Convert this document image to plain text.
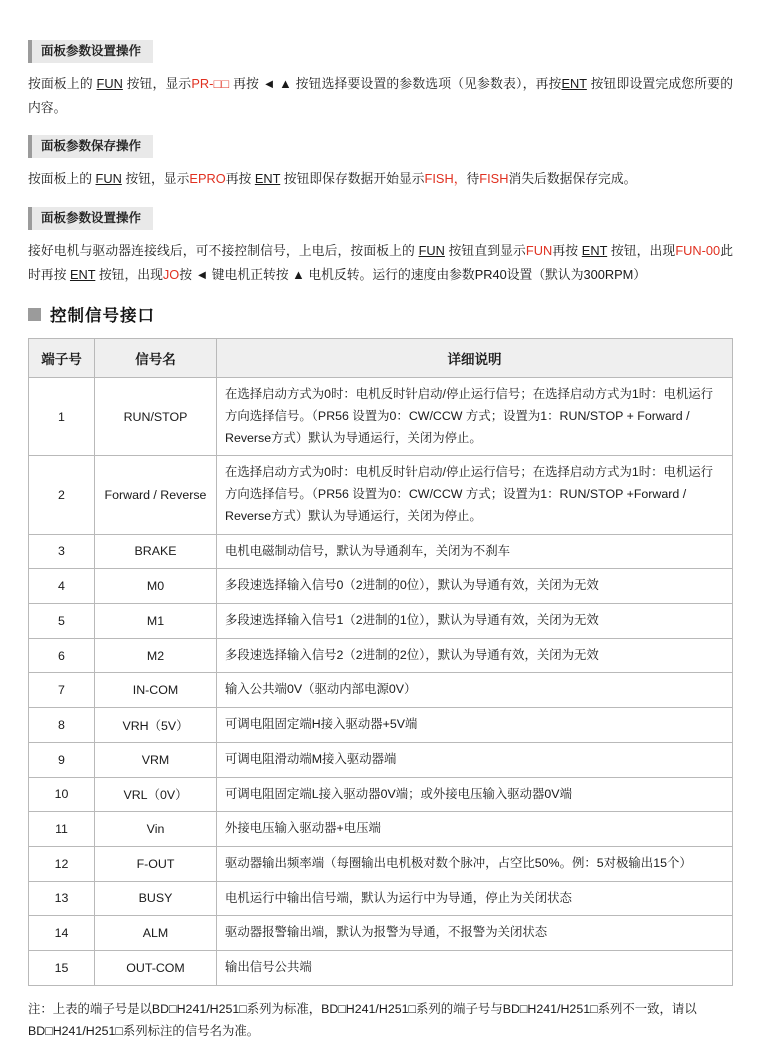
面板参数设置操作

按面板上的 FUN 按钮，显示PR-□□ 再按 ◄ ▲ 按钮选择要设置的参数选项（见参数表），再按ENT 按钮即设置完成您所要的内容。

面板参数保存操作

按面板上的 FUN 按钮，显示EPRO再按 ENT 按钮即保存数据开始显示FISH，待FISH消失后数据保存完成。

面板参数设置操作

接好电机与驱动器连接线后，可不接控制信号，上电后，按面板上的 FUN 按钮直到显示FUN再按 ENT 按钮，出现FUN-00此时再按 ENT 按钮，出现JO按 ◄ 键电机正转按 ▲ 电机反转。运行的速度由参数PR40设置（默认为300RPM）

控制信号接口
端子号	信号名	详细说明
1	RUN/STOP	在选择启动方式为0时：电机反时针启动/停止运行信号；在选择启动方式为1时：电机运行方向选择信号。（PR56 设置为0：CW/CCW 方式；设置为1：RUN/STOP + Forward / Reverse方式）默认为导通运行，关闭为停止。
2	Forward / Reverse	在选择启动方式为0时：电机反时针启动/停止运行信号；在选择启动方式为1时：电机运行方向选择信号。（PR56 设置为0：CW/CCW 方式；设置为1：RUN/STOP +Forward / Reverse方式）默认为导通运行，关闭为停止。
3	BRAKE	电机电磁制动信号，默认为导通刹车，关闭为不刹车
4	M0	多段速选择输入信号0（2进制的0位），默认为导通有效，关闭为无效
5	M1	多段速选择输入信号1（2进制的1位），默认为导通有效，关闭为无效
6	M2	多段速选择输入信号2（2进制的2位），默认为导通有效，关闭为无效
7	IN-COM	输入公共端0V（驱动内部电源0V）
8	VRH（5V）	可调电阻固定端H接入驱动器+5V端
9	VRM	可调电阻滑动端M接入驱动器端
10	VRL（0V）	可调电阻固定端L接入驱动器0V端；或外接电压输入驱动器0V端
11	Vin	外接电压输入驱动器+电压端
12	F-OUT	驱动器输出频率端（每圈输出电机极对数个脉冲，占空比50%。例：5对极输出15个）
13	BUSY	电机运行中输出信号端，默认为运行中为导通，停止为关闭状态
14	ALM	驱动器报警输出端，默认为报警为导通，不报警为关闭状态
15	OUT-COM	输出信号公共端
注：上表的端子号是以BD□H241/H251□系列为标准，BD□H241/H251□系列的端子号与BD□H241/H251□系列不一致，请以BD□H241/H251□系列标注的信号名为准。
